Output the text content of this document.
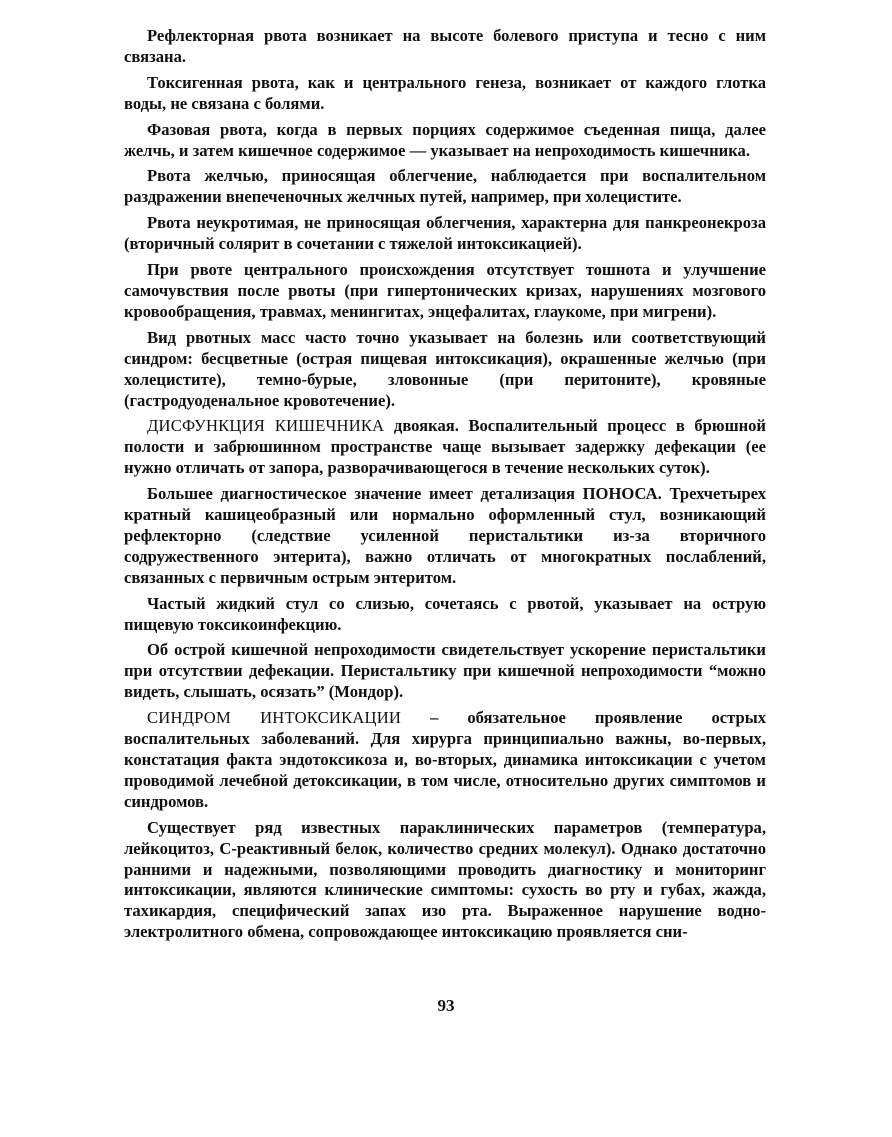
Рефлекторная рвота возникает на высоте болевого приступа и тесно с ним связана.

Токсигенная рвота, как и центрального генеза, возникает от каждого глотка воды, не связана с болями.

Фазовая рвота, когда в первых порциях содержимое съеденная пища, далее желчь, и затем кишечное содержимое — указывает на непроходимость кишечника.

Рвота желчью, приносящая облегчение, наблюдается при воспалительном раздражении внепеченочных желчных путей, например, при холецистите.

Рвота неукротимая, не приносящая облегчения, характерна для панкреонекроза (вторичный солярит в сочетании с тяжелой интоксикацией).

При рвоте центрального происхождения отсутствует тошнота и улучшение самочувствия после рвоты (при гипертонических кризах, нарушениях мозгового кровообращения, травмах, менингитах, энцефалитах, глаукоме, при мигрени).

Вид рвотных масс часто точно указывает на болезнь или соответствующий синдром: бесцветные (острая пищевая интоксикация), окрашенные желчью (при холецистите), темно-бурые, зловонные (при перитоните), кровяные (гастродуоденальное кровотечение).

ДИСФУНКЦИЯ КИШЕЧНИКА двоякая. Воспалительный процесс в брюшной полости и забрюшинном пространстве чаще вызывает задержку дефекации (ее нужно отличать от запора, разворачивающегося в течение нескольких суток).

Большее диагностическое значение имеет детализация ПОНОСА. Трехчетырех кратный кашицеобразный или нормально оформленный стул, возникающий рефлекторно (следствие усиленной перистальтики из-за вторичного содружественного энтерита), важно отличать от многократных послаблений, связанных с первичным острым энтеритом.

Частый жидкий стул со слизью, сочетаясь с рвотой, указывает на острую пищевую токсикоинфекцию.

Об острой кишечной непроходимости свидетельствует ускорение перистальтики при отсутствии дефекации. Перистальтику при кишечной непроходимости “можно видеть, слышать, осязать” (Мондор).

СИНДРОМ ИНТОКСИКАЦИИ – обязательное проявление острых воспалительных заболеваний. Для хирурга принципиально важны, во-первых, констатация факта эндотоксикоза и, во-вторых, динамика интоксикации с учетом проводимой лечебной детоксикации, в том числе, относительно других симптомов и синдромов.

Существует ряд известных параклинических параметров (температура, лейкоцитоз, С-реактивный белок, количество средних молекул). Однако достаточно ранними и надежными, позволяющими проводить диагностику и мониторинг интоксикации, являются клинические симптомы: сухость во рту и губах, жажда, тахикардия, специфический запах изо рта. Выраженное нарушение водно-электролитного обмена, сопровождающее интоксикацию проявляется сни-

93
